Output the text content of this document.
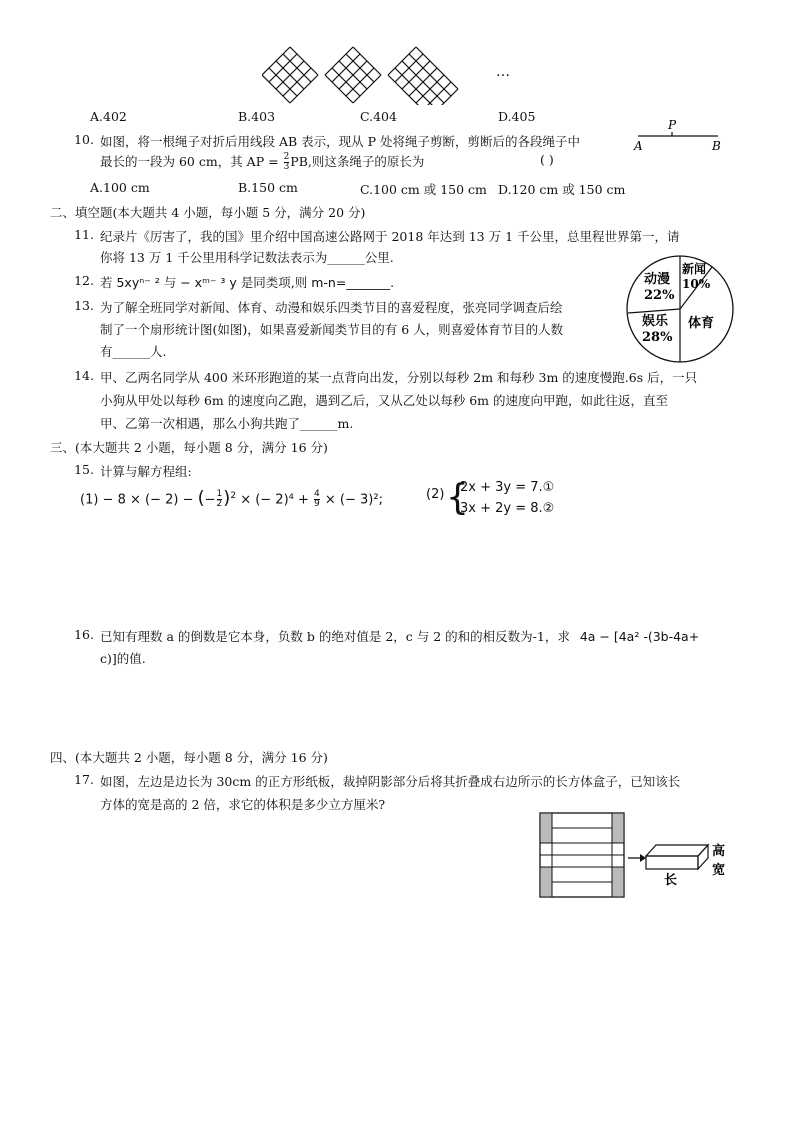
…
A.402	B.403	C.404	D.405
10. 如图，将一根绳子对折后用线段 AB 表示，现从 P 处将绳子剪断，剪断后的各段绳子中
最长的一段为 60 cm，其 AP = $\frac{2}{3}$ PB,则这条绳子的原长为	( )
P
A	B
A.100 cm	B.150 cm	C.100 cm 或 150 cm D.120 cm 或 150 cm
二、填空题(本大题共 4 小题，每小题 5 分，满分 20 分)
11. 纪录片《厉害了，我的国》里介绍中国高速公路网于 2018 年达到 13 万 1 千公里，总里程世界第一，请
你将 13 万 1 千公里用科学记数法表示为______公里.
12. 若 5xyⁿ⁻ ² 与 − xᵐ⁻ ³ y 是同类项,则 m-n=_______.
13. 为了解全班同学对新闻、体育、动漫和娱乐四类节目的喜爱程度，张亮同学调查后绘
制了一个扇形统计图(如图)，如果喜爱新闻类节目的有 6 人，则喜爱体育节目的人数
有______人.
动漫
22%
新闻
10%
娱乐
28%
体育
14. 甲、乙两名同学从 400 米环形跑道的某一点背向出发，分别以每秒 2m 和每秒 3m 的速度慢跑.6s 后，一只
小狗从甲处以每秒 6m 的速度向乙跑，遇到乙后，又从乙处以每秒 6m 的速度向甲跑，如此往返，直至
甲、乙第一次相遇，那么小狗共跑了______m.
三、(本大题共 2 小题，每小题 8 分，满分 16 分)
15. 计算与解方程组:
(1) − 8 × (− 2) − (− $\frac{1}{2} )^2$ × (− $2)^4 + \frac{4}{9}$ × (− 3)²;	(2) {
2x + 3y = 7.①
3x + 2y = 8.②
16. 已知有理数 a 的倒数是它本身，负数 b 的绝对值是 2，c 与 2 的和的相反数为-1，求 4a − [4a² -(3b-4a+
c)]的值.
四、(本大题共 2 小题，每小题 8 分，满分 16 分)
17. 如图，左边是边长为 30cm 的正方形纸板，裁掉阴影部分后将其折叠成右边所示的长方体盒子，已知该长
方体的宽是高的 2 倍，求它的体积是多少立方厘米?
高
宽
长
